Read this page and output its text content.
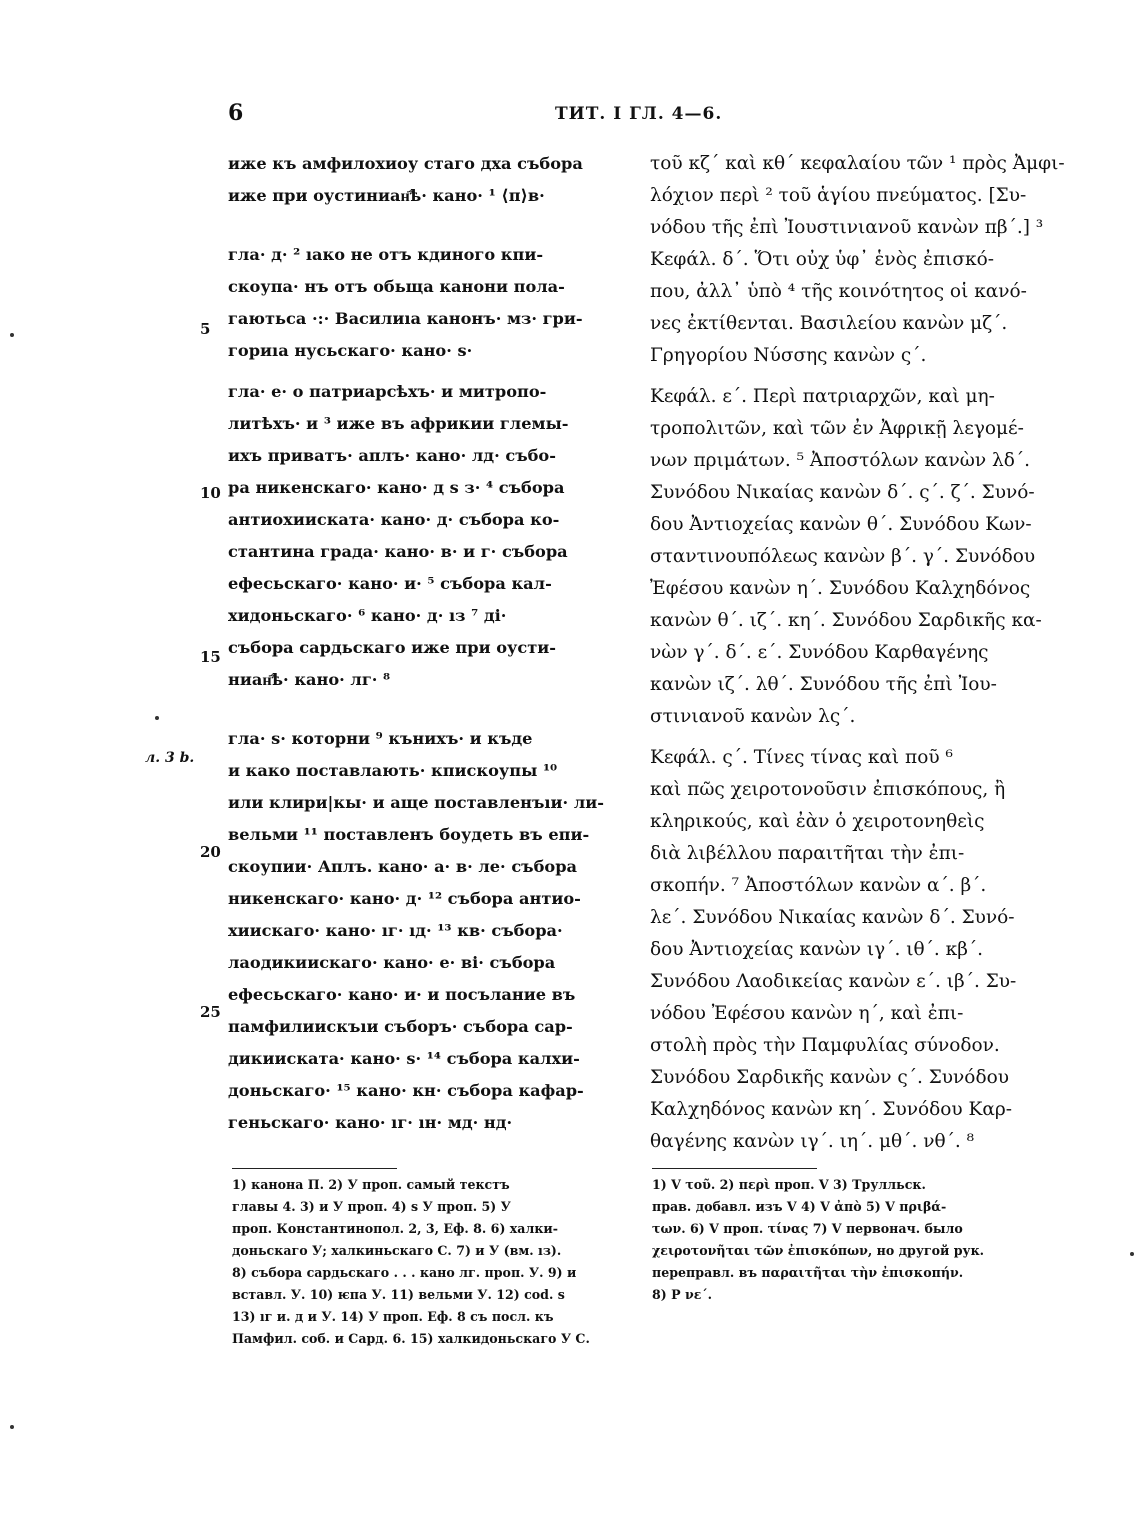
6	ТИТ. I ГЛ. 4—6.
иже къ амфилохиоу стаго дха събора
иже при оустиниан҄ѣ· кано· ¹ ⟨п⟩в·
гла· д· ² ıако не отъ кдиного кпи-
скоупа· нъ отъ обьща канони пола-
гаютьса ·:· Василиıа канонъ· мз· гри-
гориıа нусьскаго· кано· ѕ·
гла· е· о патриарсѣхъ· и митропо-
литѣхъ· и ³ иже въ африкии глемы-
ихъ приватъ· аплъ· кано· лд· събо-
ра никенскаго· кано· д ѕ з· ⁴ събора
антиохииската· кано· д· събора ко-
стантина града· кано· в· и г· събора
ефесьскаго· кано· и· ⁵ събора кал-
хидоньскаго· ⁶ кано· д· ıз ⁷ ді·
събора сардьскаго иже при оусти-
ниан҄ѣ· кано· лг· ⁸
гла· ѕ· которни ⁹ кънихъ· и къде
и како поставлають· кпискоупы ¹⁰
или клири|кы· и аще поставленъıи· ли-
вельми ¹¹ поставленъ боудеть въ епи-
скоупии· Аплъ. кано· а· в· ле· събора
никенскаго· кано· д· ¹² събора антио-
хиискаго· кано· ıг· ıд· ¹³ кв· събора·
лаодикиискаго· кано· е· ві· събора
ефесьскаго· кано· и· и посълание въ
памфилиискъıи съборъ· събора сар-
дикииската· кано· ѕ· ¹⁴ събора калхи-
доньскаго· ¹⁵ кано· кн· събора кафар-
геньскаго· кано· ıг· ıн· мд· нд·
5
10
15
20
25
л. 3 b.
τοῦ κζ΄ καὶ κθ΄ κεφαλαίου τῶν ¹ πρὸς Ἀμφι-
λόχιον περὶ ² τοῦ ἁγίου πνεύματος. [Συ-
νόδου τῆς ἐπὶ Ἰουστινιανοῦ κανὼν πβ΄.] ³
Κεφάλ. δ΄. Ὅτι οὐχ ὑφ᾽ ἑνὸς ἐπισκό-
που, ἀλλ᾽ ὑπὸ ⁴ τῆς κοινότητος οἱ κανό-
νες ἐκτίθενται. Βασιλείου κανὼν μζ΄.
Γρηγορίου Νύσσης κανὼν ς΄.
Κεφάλ. ε΄. Περὶ πατριαρχῶν, καὶ μη-
τροπολιτῶν, καὶ τῶν ἐν Ἀφρικῇ λεγομέ-
νων πριμάτων. ⁵ Ἀποστόλων κανὼν λδ΄.
Συνόδου Νικαίας κανὼν δ΄. ς΄. ζ΄. Συνό-
δου Ἀντιοχείας κανὼν θ΄. Συνόδου Κων-
σταντινουπόλεως κανὼν β΄. γ΄. Συνόδου
Ἐφέσου κανὼν η΄. Συνόδου Καλχηδόνος
κανὼν θ΄. ιζ΄. κη΄. Συνόδου Σαρδικῆς κα-
νὼν γ΄. δ΄. ε΄. Συνόδου Καρθαγένης
κανὼν ιζ΄. λθ΄. Συνόδου τῆς ἐπὶ Ἰου-
στινιανοῦ κανὼν λς΄.
Κεφάλ. ς΄. Τίνες τίνας καὶ ποῦ ⁶
καὶ πῶς χειροτονοῦσιν ἐπισκόπους, ἢ
κληρικούς, καὶ ἐὰν ὁ χειροτονηθεὶς
διὰ λιβέλλου παραιτῆται τὴν ἐπι-
σκοπήν. ⁷ Ἀποστόλων κανὼν α΄. β΄.
λε΄. Συνόδου Νικαίας κανὼν δ΄. Συνό-
δου Ἀντιοχείας κανὼν ιγ΄. ιθ΄. κβ΄.
Συνόδου Λαοδικείας κανὼν ε΄. ιβ΄. Συ-
νόδου Ἐφέσου κανὼν η΄, καὶ ἐπι-
στολὴ πρὸς τὴν Παμφυλίας σύνοδον.
Συνόδου Σαρδικῆς κανὼν ς΄. Συνόδου
Καλχηδόνος κανὼν κη΄. Συνόδου Καρ-
θαγένης κανὼν ιγ΄. ιη΄. μθ΄. νθ΄. ⁸
1) канона П. 2) У проп. самый текстъ
главы 4. 3) и У проп. 4) ѕ У проп. 5) У
проп. Константинопол. 2, 3, Еф. 8. 6) халки-
доньскаго У; халкиньскаго С. 7) и У (вм. ıз).
8) събора сардьскаго . . . кано лг. проп. У. 9) и
вставл. У. 10) ѥпа У. 11) вельми У. 12) cod. ѕ
13) ıг и. д и У. 14) У проп. Еф. 8 съ посл. къ
Памфил. соб. и Сард. 6. 15) халкидоньскаго У С.
1) V τοῦ. 2) περὶ проп. V 3) Трулльск.
прав. добавл. изъ V 4) V ἀπὸ 5) V πριβά-
των. 6) V проп. τίνας 7) V первонач. было
χειροτονῆται τῶν ἐπισκόπων, но другой рук.
переправл. въ παραιτῆται τὴν ἐπισκοπήν.
8) Ρ νε΄.
